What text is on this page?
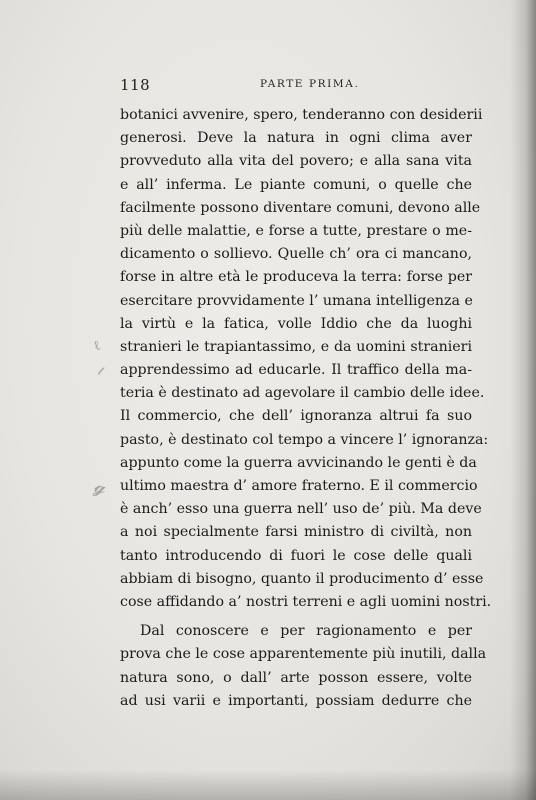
ℓ
𝓉
𝓰
118	PARTE PRIMA.
botanici avvenire, spero, tenderanno con desiderii
generosi. Deve la natura in ogni clima aver
provveduto alla vita del povero; e alla sana vita
e all’ inferma. Le piante comuni, o quelle che
facilmente possono diventare comuni, devono alle
più delle malattie, e forse a tutte, prestare o me-
dicamento o sollievo. Quelle ch’ ora ci mancano,
forse in altre età le produceva la terra: forse per
esercitare provvidamente l’ umana intelligenza e
la virtù e la fatica, volle Iddio che da luoghi
stranieri le trapiantassimo, e da uomini stranieri
apprendessimo ad educarle. Il traffico della ma-
teria è destinato ad agevolare il cambio delle idee.
Il commercio, che dell’ ignoranza altrui fa suo
pasto, è destinato col tempo a vincere l’ ignoranza:
appunto come la guerra avvicinando le genti è da
ultimo maestra d’ amore fraterno. E il commercio
è anch’ esso una guerra nell’ uso de’ più. Ma deve
a noi specialmente farsi ministro di civiltà, non
tanto introducendo di fuori le cose delle quali
abbiam di bisogno, quanto il producimento d’ esse
cose affidando a’ nostri terreni e agli uomini nostri.
Dal conoscere e per ragionamento e per
prova che le cose apparentemente più inutili, dalla
natura sono, o dall’ arte posson essere, volte
ad usi varii e importanti, possiam dedurre che
